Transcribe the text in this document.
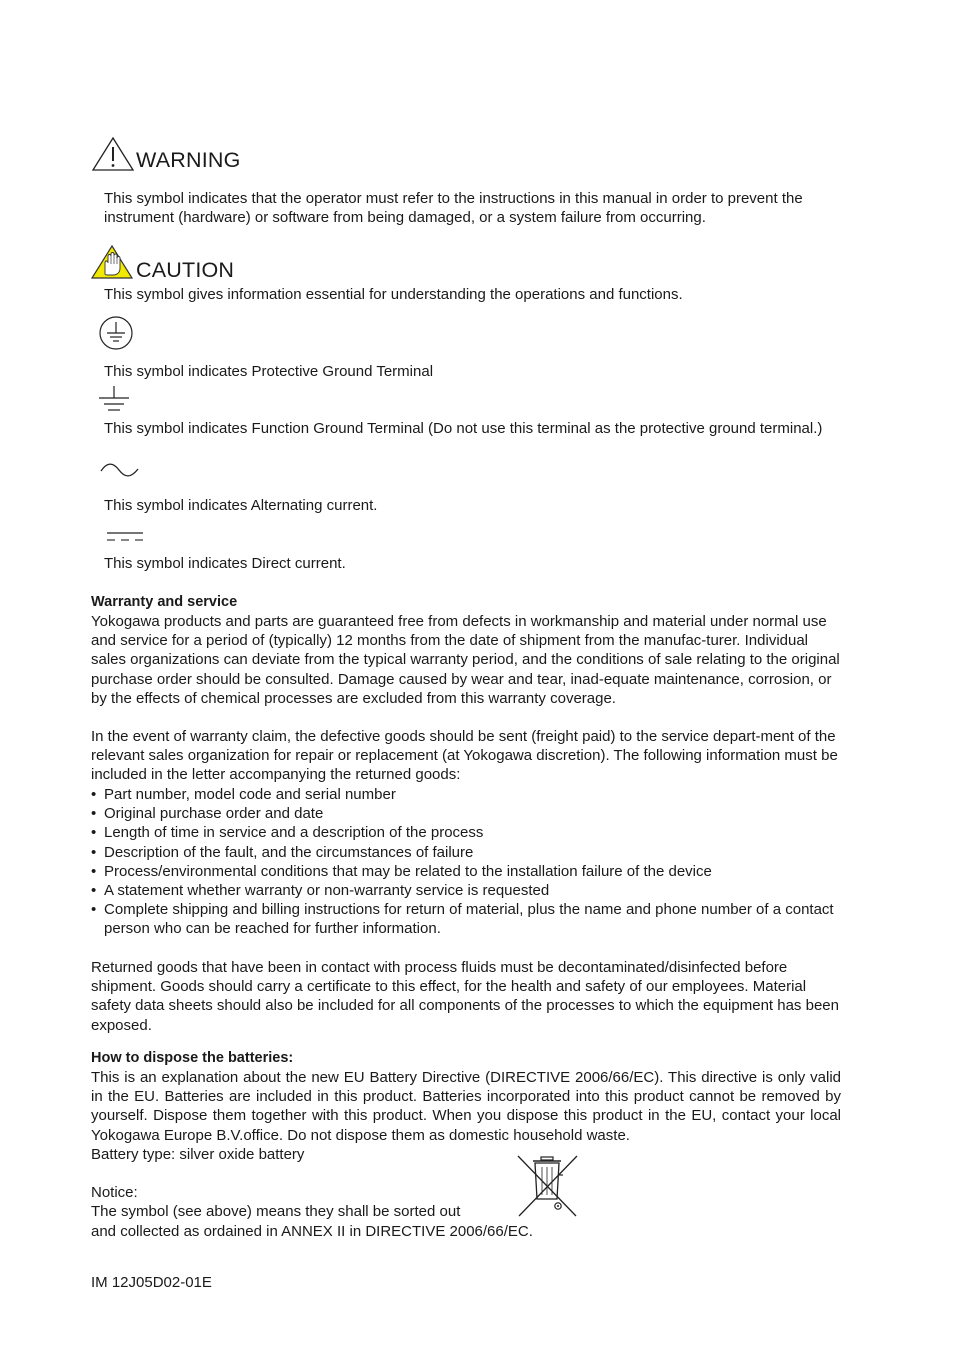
WARNING

This symbol indicates that the operator must refer to the instructions in this manual in order to prevent the instrument (hardware) or software from being damaged, or a system failure from occurring.

CAUTION

This symbol gives information essential for understanding the operations and functions.

This symbol indicates Protective Ground Terminal

This symbol indicates Function Ground Terminal (Do not use this terminal as the protective ground terminal.)

This symbol indicates Alternating current.

This symbol indicates Direct current.

Warranty and service

Yokogawa products and parts are guaranteed free from defects in workmanship and material under normal use and service for a period of (typically) 12 months from the date of shipment from the manufac-turer. Individual sales organizations can deviate from the typical warranty period, and the conditions of sale relating to the original purchase order should be consulted. Damage caused by wear and tear, inad-equate maintenance, corrosion, or by the effects of chemical processes are excluded from this warranty coverage.

In the event of warranty claim, the defective goods should be sent (freight paid) to the service depart-ment of the relevant sales organization for repair or replacement (at Yokogawa discretion). The following information must be included in the letter accompanying the returned goods:

• Part number, model code and serial number
• Original purchase order and date
• Length of time in service and a description of the process
• Description of the fault, and the circumstances of failure
• Process/environmental conditions that may be related to the installation failure of the device
• A statement whether warranty or non-warranty service is requested
• Complete shipping and billing instructions for return of material, plus the name and phone number of a contact person who can be reached for further information.

Returned goods that have been in contact with process fluids must be decontaminated/disinfected before shipment. Goods should carry a certificate to this effect, for the health and safety of our employees. Material safety data sheets should also be included for all components of the processes to which the equipment has been exposed.

How to dispose the batteries:

This is an explanation about the new EU Battery Directive (DIRECTIVE 2006/66/EC). This directive is only valid in the EU. Batteries are included in this product. Batteries incorporated into this product cannot be removed by yourself. Dispose them together with this product. When you dispose this product in the EU, contact your local Yokogawa Europe B.V.office. Do not dispose them as domestic household waste.

Battery type: silver oxide battery

Notice:

The symbol (see above) means they shall be sorted out

and collected as ordained in ANNEX II in DIRECTIVE 2006/66/EC.

IM 12J05D02-01E
